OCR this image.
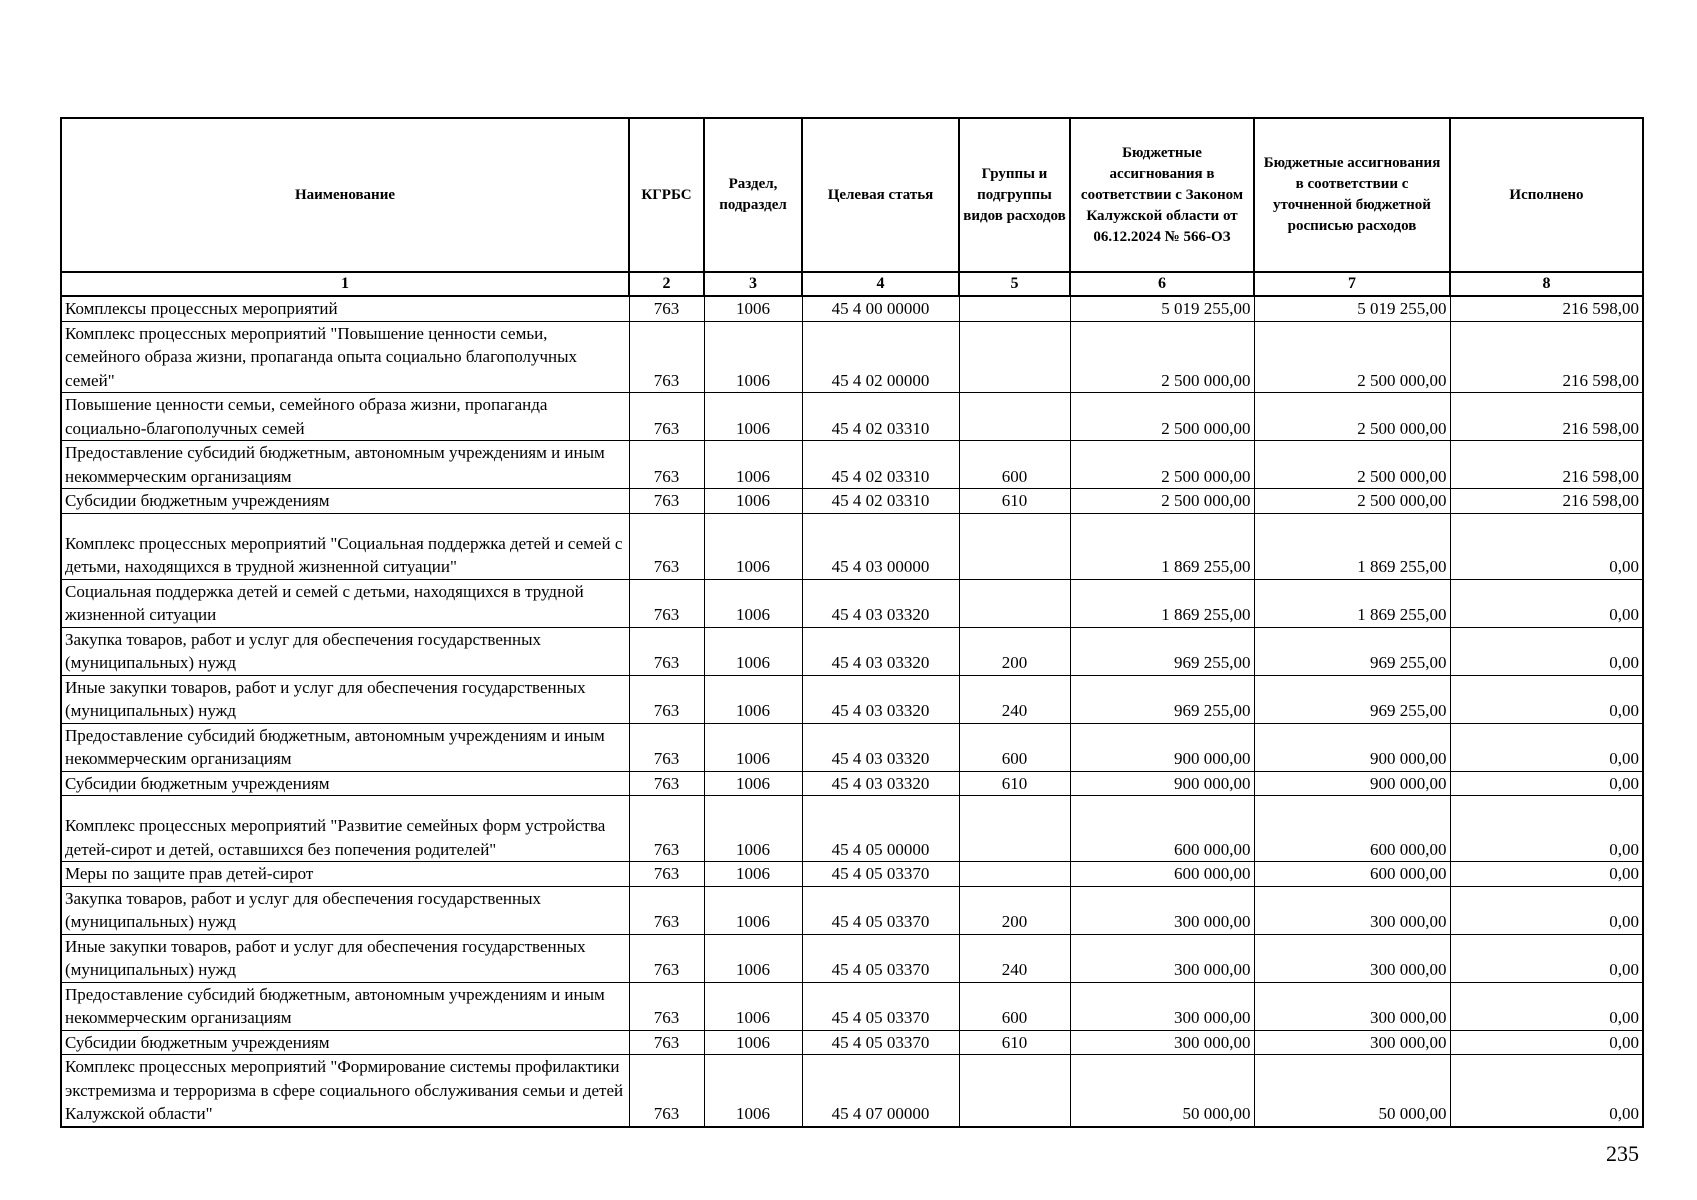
Наименование	КГРБС	Раздел, подраздел	Целевая статья	Группы и подгруппы видов расходов	Бюджетные ассигнования в соответствии с Законом Калужской области от 06.12.2024 № 566-ОЗ	Бюджетные ассигнования в соответствии с уточненной бюджетной росписью расходов	Исполнено
1	2	3	4	5	6	7	8
Комплексы процессных мероприятий	763	1006	45 4 00 00000		5 019 255,00	5 019 255,00	216 598,00
Комплекс процессных мероприятий "Повышение ценности семьи, семейного образа жизни, пропаганда опыта социально благополучных семей"	763	1006	45 4 02 00000		2 500 000,00	2 500 000,00	216 598,00
Повышение ценности семьи, семейного образа жизни, пропаганда социально-благополучных семей	763	1006	45 4 02 03310		2 500 000,00	2 500 000,00	216 598,00
Предоставление субсидий бюджетным, автономным учреждениям и иным некоммерческим организациям	763	1006	45 4 02 03310	600	2 500 000,00	2 500 000,00	216 598,00
Субсидии бюджетным учреждениям	763	1006	45 4 02 03310	610	2 500 000,00	2 500 000,00	216 598,00
Комплекс процессных мероприятий "Социальная поддержка детей и семей с детьми, находящихся в трудной жизненной ситуации"	763	1006	45 4 03 00000		1 869 255,00	1 869 255,00	0,00
Социальная поддержка детей и семей с детьми, находящихся в трудной жизненной ситуации	763	1006	45 4 03 03320		1 869 255,00	1 869 255,00	0,00
Закупка товаров, работ и услуг для обеспечения государственных (муниципальных) нужд	763	1006	45 4 03 03320	200	969 255,00	969 255,00	0,00
Иные закупки товаров, работ и услуг для обеспечения государственных (муниципальных) нужд	763	1006	45 4 03 03320	240	969 255,00	969 255,00	0,00
Предоставление субсидий бюджетным, автономным учреждениям и иным некоммерческим организациям	763	1006	45 4 03 03320	600	900 000,00	900 000,00	0,00
Субсидии бюджетным учреждениям	763	1006	45 4 03 03320	610	900 000,00	900 000,00	0,00
Комплекс процессных мероприятий "Развитие семейных форм устройства детей-сирот и детей, оставшихся без попечения родителей"	763	1006	45 4 05 00000		600 000,00	600 000,00	0,00
Меры по защите прав детей-сирот	763	1006	45 4 05 03370		600 000,00	600 000,00	0,00
Закупка товаров, работ и услуг для обеспечения государственных (муниципальных) нужд	763	1006	45 4 05 03370	200	300 000,00	300 000,00	0,00
Иные закупки товаров, работ и услуг для обеспечения государственных (муниципальных) нужд	763	1006	45 4 05 03370	240	300 000,00	300 000,00	0,00
Предоставление субсидий бюджетным, автономным учреждениям и иным некоммерческим организациям	763	1006	45 4 05 03370	600	300 000,00	300 000,00	0,00
Субсидии бюджетным учреждениям	763	1006	45 4 05 03370	610	300 000,00	300 000,00	0,00
Комплекс процессных мероприятий "Формирование системы профилактики экстремизма и терроризма в сфере социального обслуживания семьи и детей Калужской области"	763	1006	45 4 07 00000		50 000,00	50 000,00	0,00
235
